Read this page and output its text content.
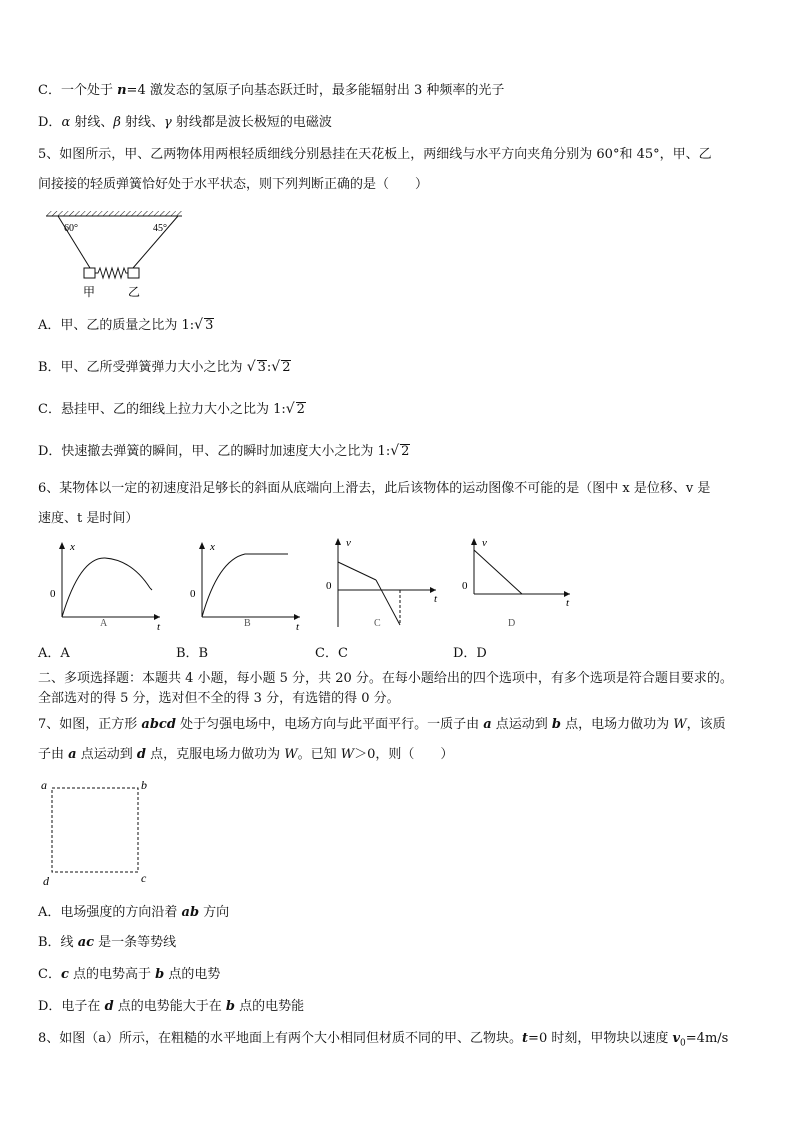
C．一个处于 n=4 激发态的氢原子向基态跃迁时，最多能辐射出 3 种频率的光子
D．α 射线、β 射线、γ 射线都是波长极短的电磁波
5、如图所示，甲、乙两物体用两根轻质细线分别悬挂在天花板上，两细线与水平方向夹角分别为 60°和 45°，甲、乙
间接接的轻质弹簧恰好处于水平状态，则下列判断正确的是（　　）
60°	45°
甲	乙
A．甲、乙的质量之比为 1:√ 3
B．甲、乙所受弹簧弹力大小之比为 √ 3:√ 2
C．悬挂甲、乙的细线上拉力大小之比为 1:√ 2
D．快速撤去弹簧的瞬间，甲、乙的瞬时加速度大小之比为 1:√ 2
6、某物体以一定的初速度沿足够长的斜面从底端向上滑去，此后该物体的运动图像不可能的是（图中 x 是位移、v 是
速度、t 是时间）
x
t
0
A
x
t
0
B
v
t
0
C
v
t
0
D
A．A	B．B	C．C	D．D
二、多项选择题：本题共 4 小题，每小题 5 分，共 20 分。在每小题给出的四个选项中，有多个选项是符合题目要求的。
全部选对的得 5 分，选对但不全的得 3 分，有选错的得 0 分。
7、如图，正方形 abcd 处于匀强电场中，电场方向与此平面平行。一质子由 a 点运动到 b 点，电场力做功为 W，该质
子由 a 点运动到 d 点，克服电场力做功为 W。已知 W＞0，则（　　）
a	b
c
d
A．电场强度的方向沿着 ab 方向
B．线 ac 是一条等势线
C．c 点的电势高于 b 点的电势
D．电子在 d 点的电势能大于在 b 点的电势能
8、如图（a）所示，在粗糙的水平地面上有两个大小相同但材质不同的甲、乙物块。t=0 时刻，甲物块以速度 $v_0=4m/s$
